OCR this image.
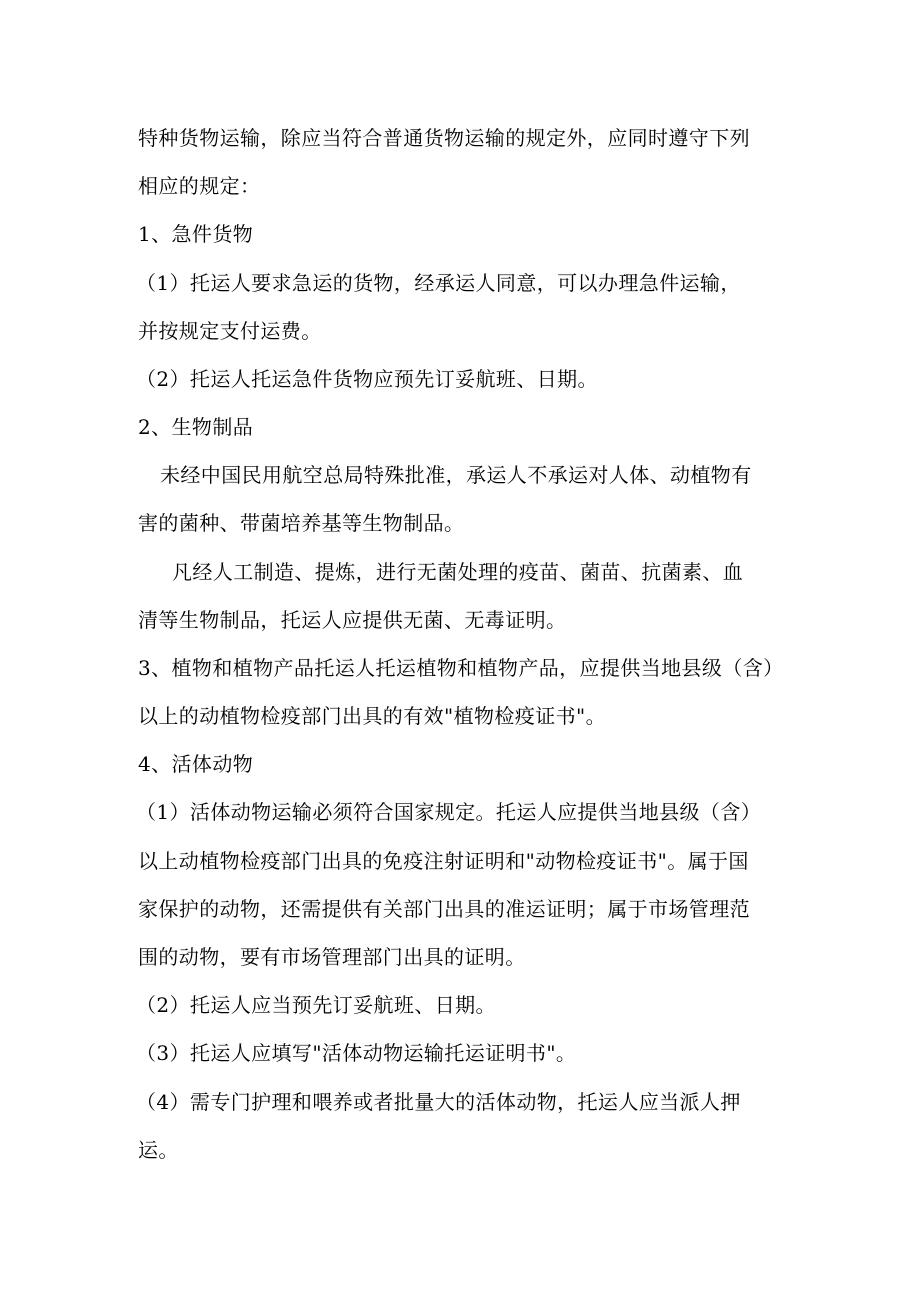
特种货物运输，除应当符合普通货物运输的规定外，应同时遵守下列
相应的规定：
1、急件货物
（1）托运人要求急运的货物，经承运人同意，可以办理急件运输，
并按规定支付运费。
（2）托运人托运急件货物应预先订妥航班、日期。
2、生物制品
未经中国民用航空总局特殊批准，承运人不承运对人体、动植物有
害的菌种、带菌培养基等生物制品。
凡经人工制造、提炼，进行无菌处理的疫苗、菌苗、抗菌素、血
清等生物制品，托运人应提供无菌、无毒证明。
3、植物和植物产品托运人托运植物和植物产品，应提供当地县级（含）
以上的动植物检疫部门出具的有效"植物检疫证书"。
4、活体动物
（1）活体动物运输必须符合国家规定。托运人应提供当地县级（含）
以上动植物检疫部门出具的免疫注射证明和"动物检疫证书"。属于国
家保护的动物，还需提供有关部门出具的准运证明；属于市场管理范
围的动物，要有市场管理部门出具的证明。
（2）托运人应当预先订妥航班、日期。
（3）托运人应填写"活体动物运输托运证明书"。
（4）需专门护理和喂养或者批量大的活体动物，托运人应当派人押
运。
